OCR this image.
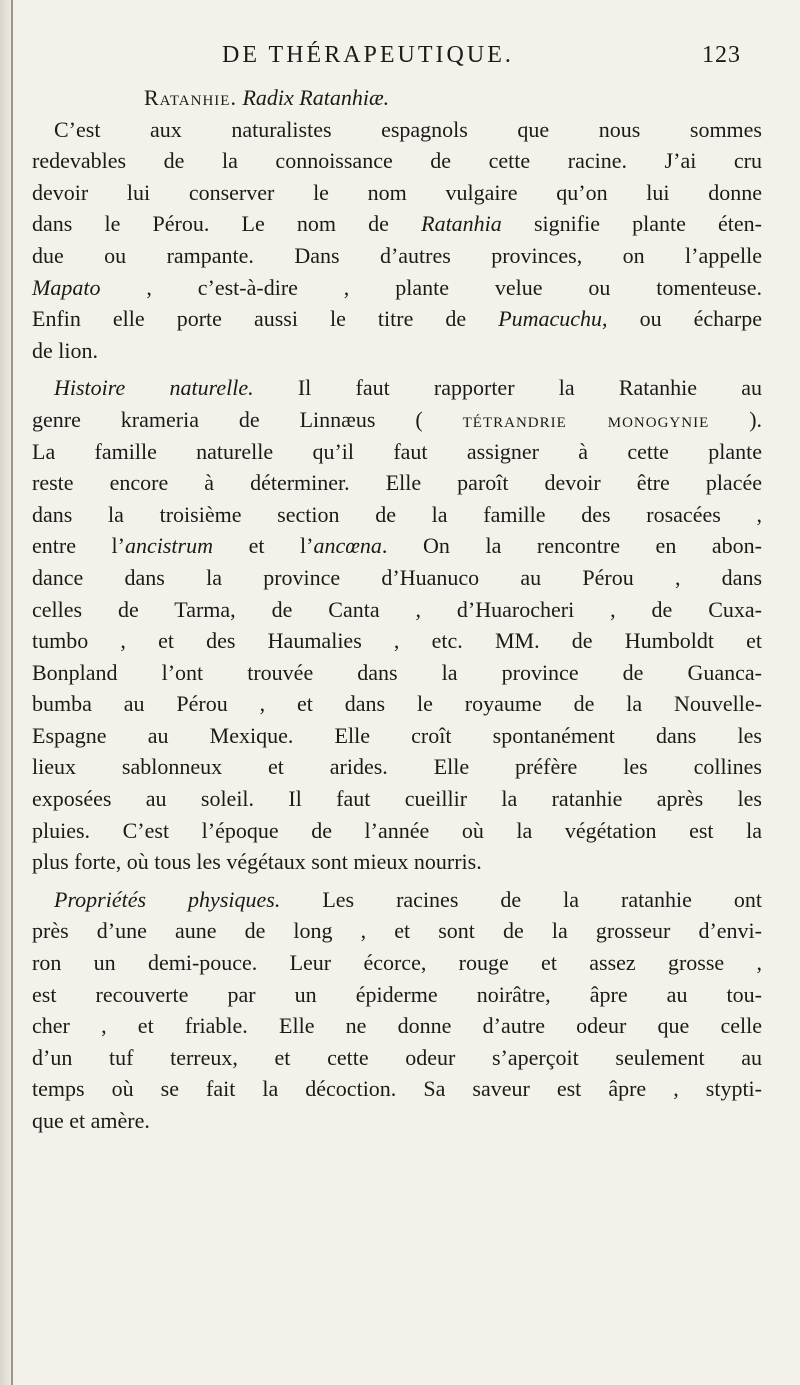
DE THÉRAPEUTIQUE.	123
Ratanhie. Radix Ratanhiæ.
 C’est aux naturalistes espagnols que nous sommes
redevables de la connoissance de cette racine. J’ai cru
devoir lui conserver le nom vulgaire qu’on lui donne
dans le Pérou. Le nom de Ratanhia signifie plante éten-
due ou rampante. Dans d’autres provinces, on l’appelle
Mapato , c’est-à-dire , plante velue ou tomenteuse.
Enfin elle porte aussi le titre de Pumacuchu, ou écharpe
de lion.
 Histoire naturelle. Il faut rapporter la Ratanhie au
genre krameria de Linnæus ( tétrandrie monogynie ).
La famille naturelle qu’il faut assigner à cette plante
reste encore à déterminer. Elle paroît devoir être placée
dans la troisième section de la famille des rosacées ,
entre l’ancistrum et l’ancœna. On la rencontre en abon-
dance dans la province d’Huanuco au Pérou , dans
celles de Tarma, de Canta , d’Huarocheri , de Cuxa-
tumbo , et des Haumalies , etc. MM. de Humboldt et
Bonpland l’ont trouvée dans la province de Guanca-
bumba au Pérou , et dans le royaume de la Nouvelle-
Espagne au Mexique. Elle croît spontanément dans les
lieux sablonneux et arides. Elle préfère les collines
exposées au soleil. Il faut cueillir la ratanhie après les
pluies. C’est l’époque de l’année où la végétation est la
plus forte, où tous les végétaux sont mieux nourris.
 Propriétés physiques. Les racines de la ratanhie ont
près d’une aune de long , et sont de la grosseur d’envi-
ron un demi-pouce. Leur écorce, rouge et assez grosse ,
est recouverte par un épiderme noirâtre, âpre au tou-
cher , et friable. Elle ne donne d’autre odeur que celle
d’un tuf terreux, et cette odeur s’aperçoit seulement au
temps où se fait la décoction. Sa saveur est âpre , stypti-
que et amère.
